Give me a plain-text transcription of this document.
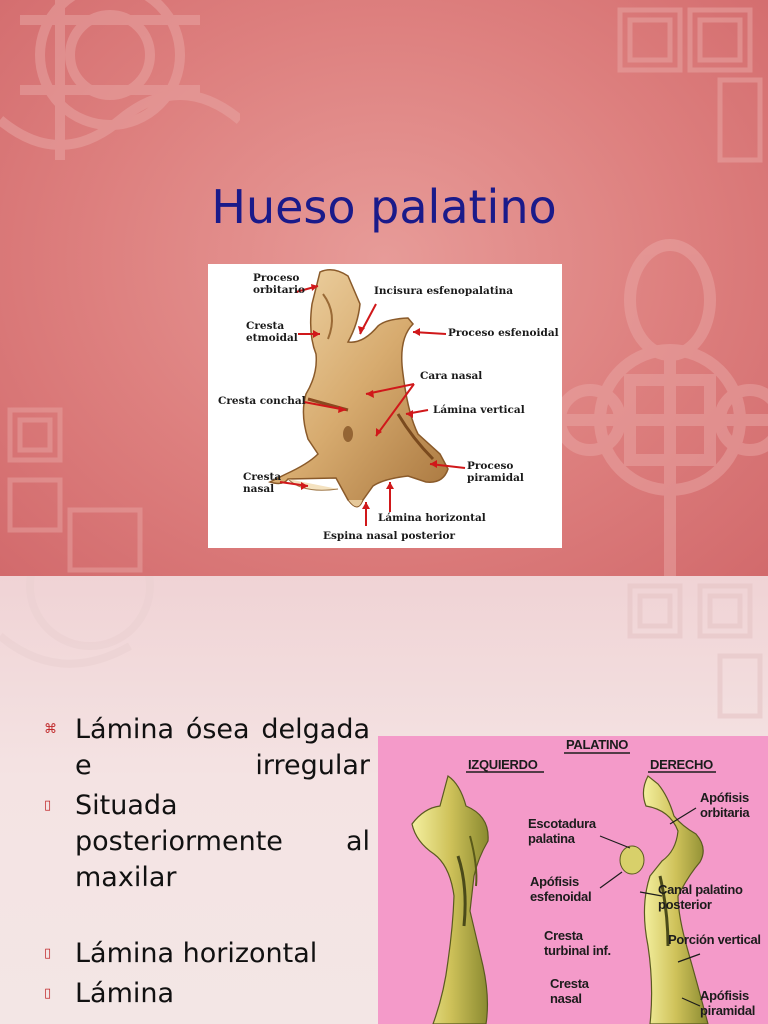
Hueso palatino
Proceso
orbitario	Incisura esfenopalatina
Cresta
etmoidal	Proceso esfenoidal
Cara nasal
Cresta conchal
Lámina vertical
Cresta
nasal
Proceso
piramidal
Lámina horizontal
Espina nasal posterior
⌘ Lámina ósea delgada e irregular
▯ Situada posteriormente al maxilar
▯ Lámina horizontal
▯ Lámina
PALATINO
IZQUIERDO	DERECHO
Apófisis
orbitaria
Escotadura
palatina
Apófisis
esfenoidal	Canal palatino
posterior
Cresta
turbinal inf.
Porción vertical
Cresta
nasal	Apófisis
piramidal
